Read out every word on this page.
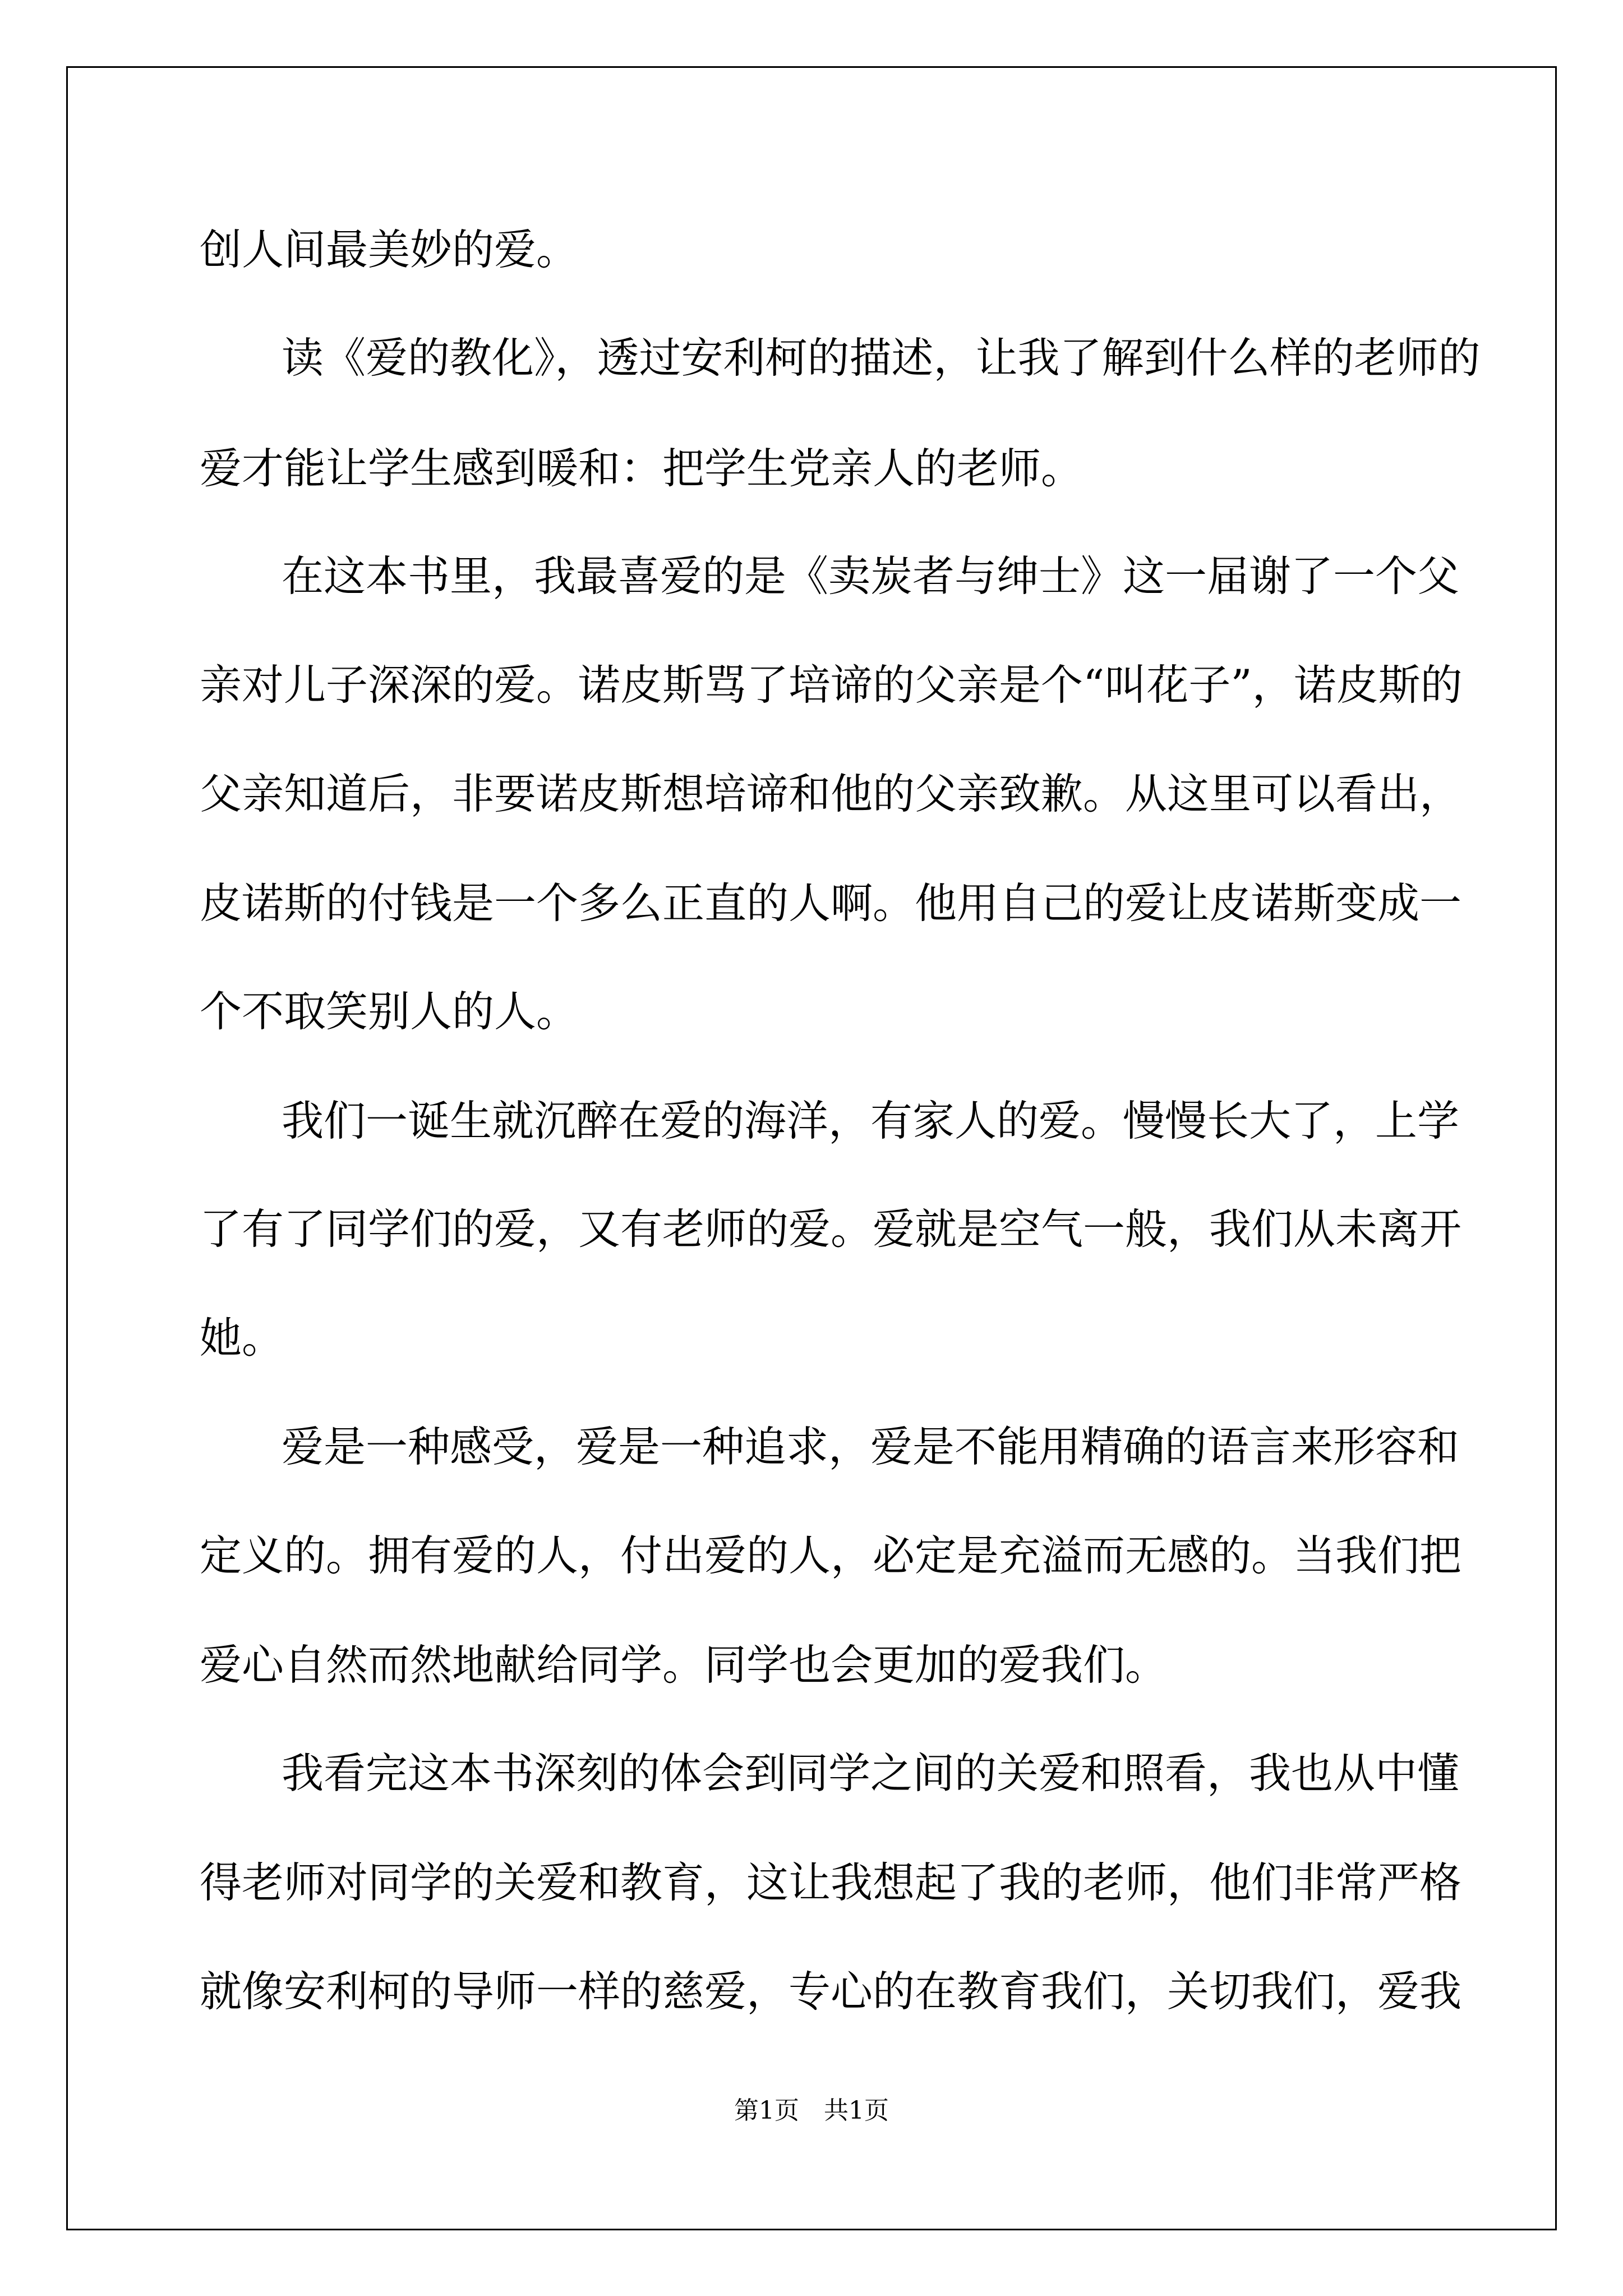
创人间最美妙的爱。
读《爱的教化》，透过安利柯的描述，让我了解到什么样的老师的
爱才能让学生感到暖和：把学生党亲人的老师。
在这本书里，我最喜爱的是《卖炭者与绅士》这一届谢了一个父
亲对儿子深深的爱。诺皮斯骂了培谛的父亲是个“叫花子”，诺皮斯的
父亲知道后，非要诺皮斯想培谛和他的父亲致歉。从这里可以看出，
皮诺斯的付钱是一个多么正直的人啊。他用自己的爱让皮诺斯变成一
个不取笑别人的人。
我们一诞生就沉醉在爱的海洋，有家人的爱。慢慢长大了，上学
了有了同学们的爱，又有老师的爱。爱就是空气一般，我们从未离开
她。
爱是一种感受，爱是一种追求，爱是不能用精确的语言来形容和
定义的。拥有爱的人，付出爱的人，必定是充溢而无感的。当我们把
爱心自然而然地献给同学。同学也会更加的爱我们。
我看完这本书深刻的体会到同学之间的关爱和照看，我也从中懂
得老师对同学的关爱和教育，这让我想起了我的老师，他们非常严格
就像安利柯的导师一样的慈爱，专心的在教育我们，关切我们，爱我
第1页　共1页
